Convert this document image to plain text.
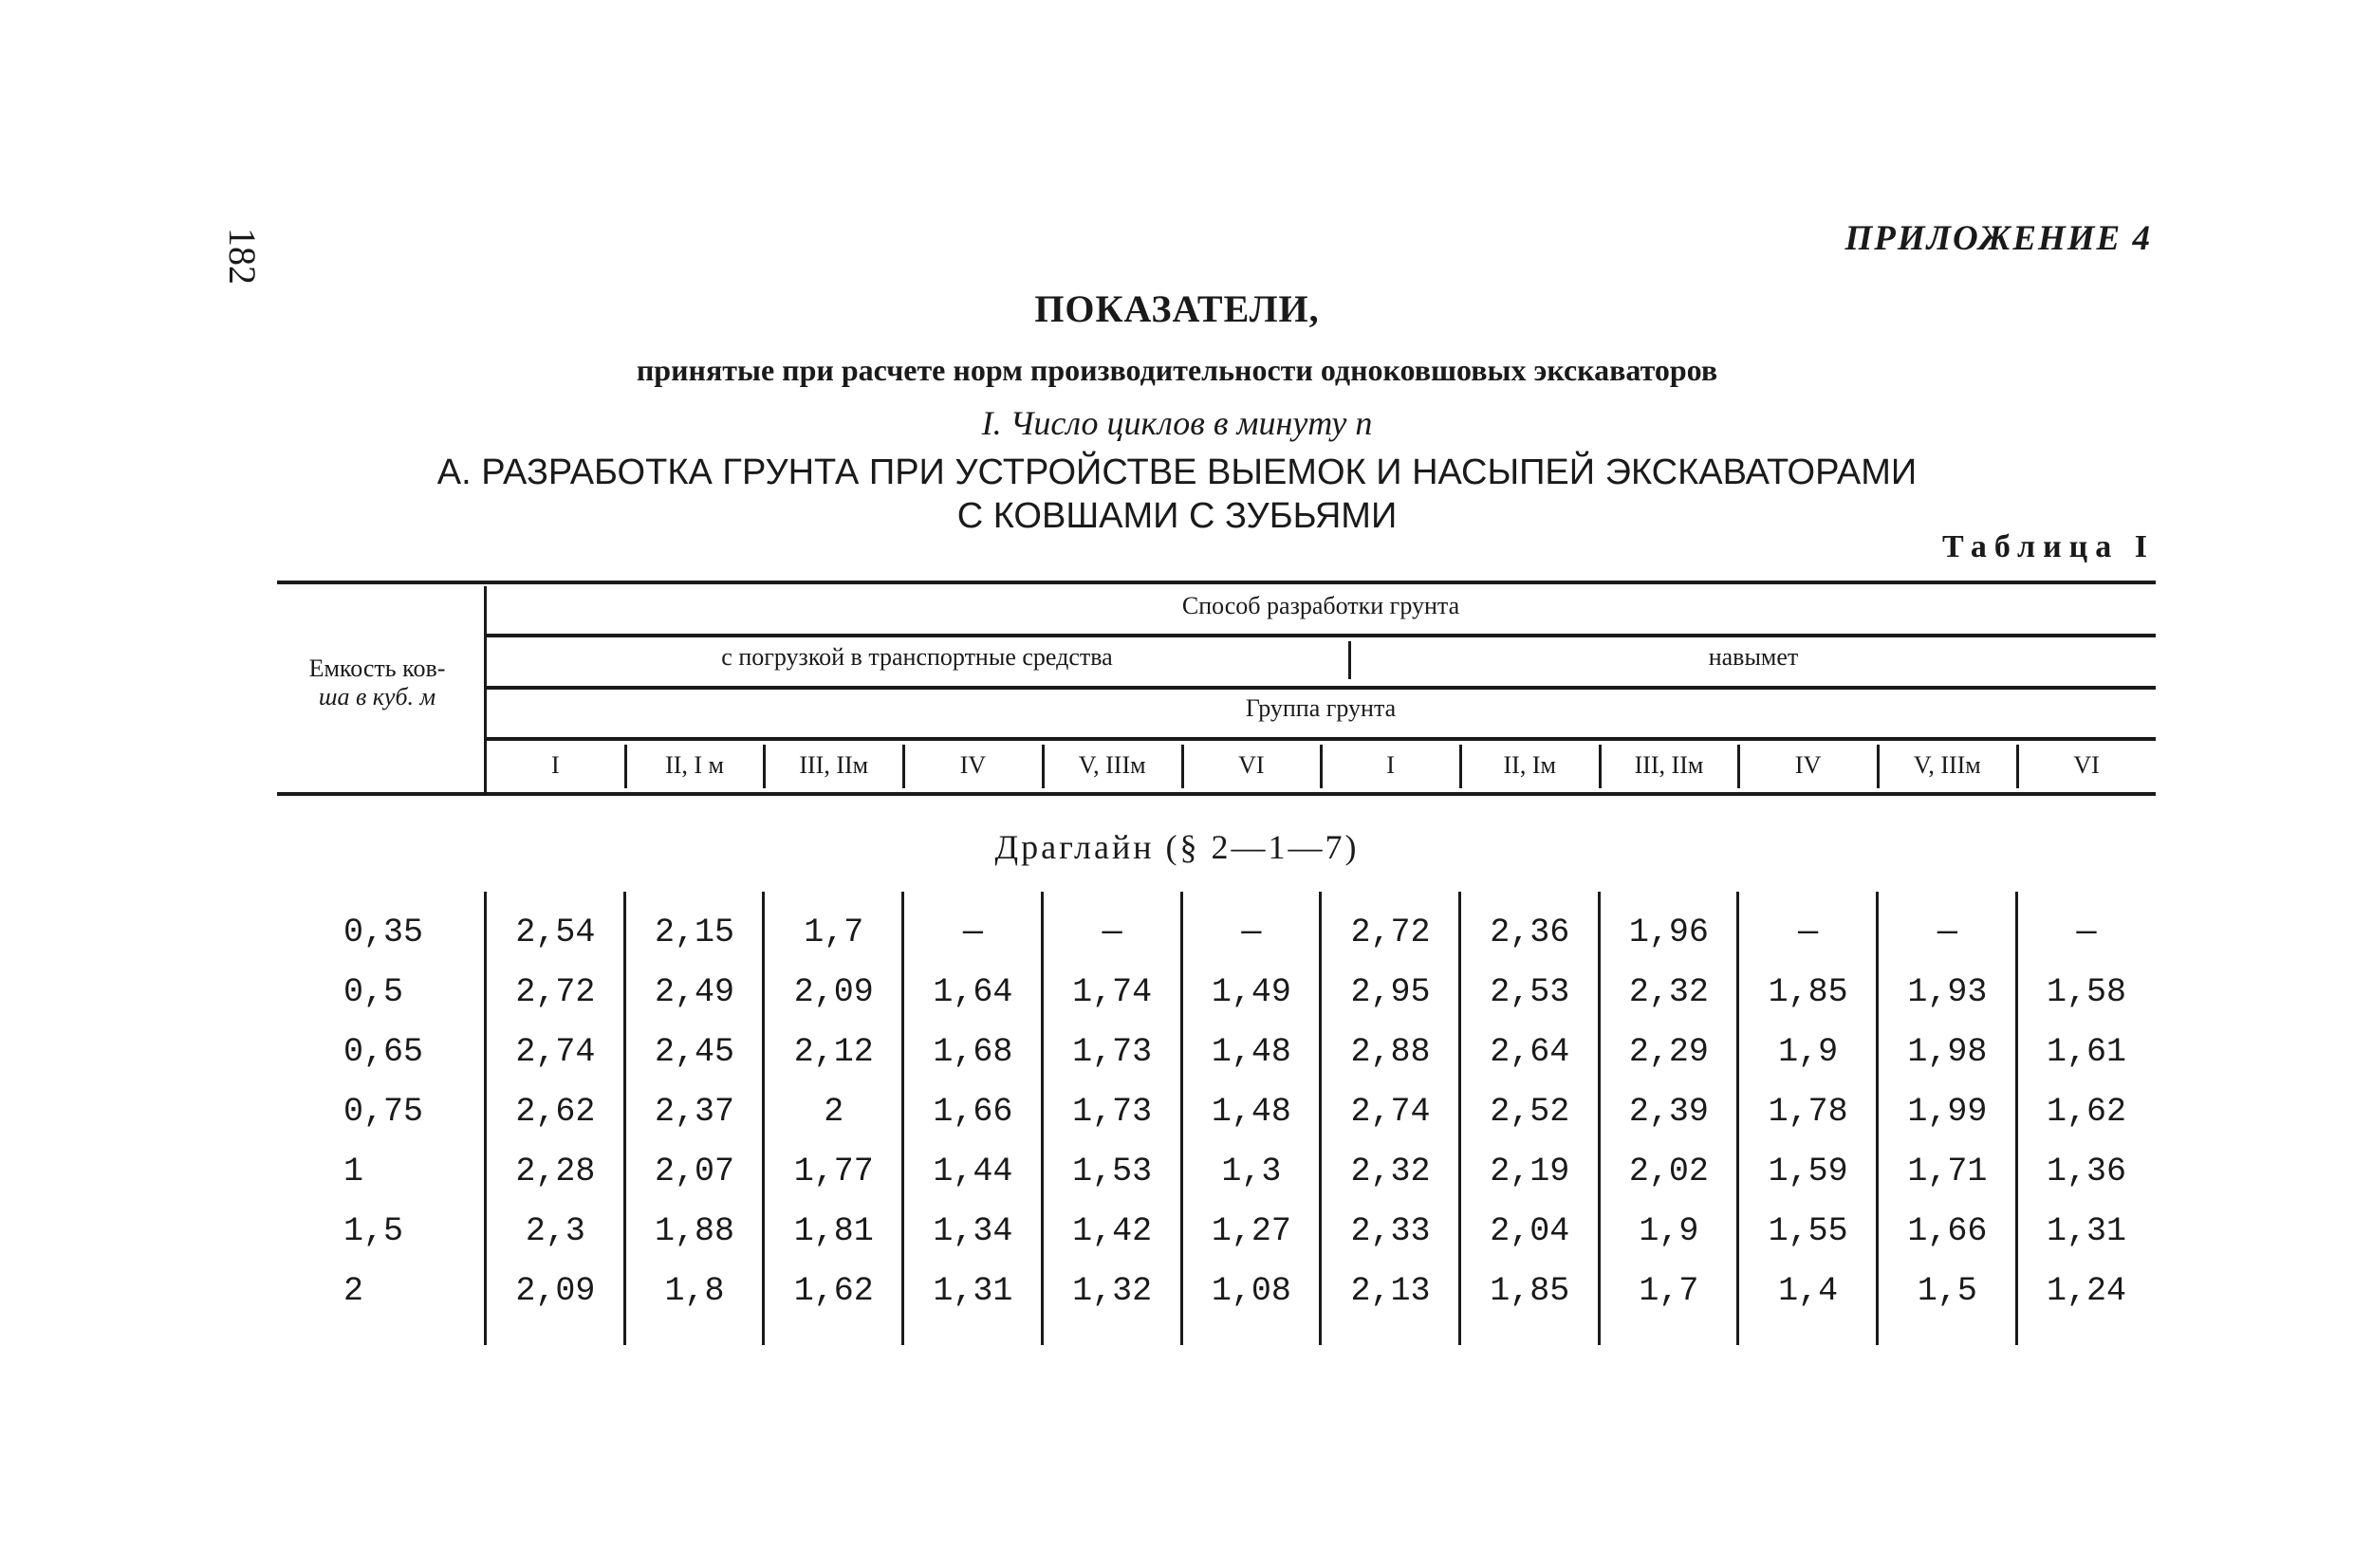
182	ПРИЛОЖЕНИЕ 4
ПОКАЗАТЕЛИ,
принятые при расчете норм производительности одноковшовых экскаваторов
I. Число циклов в минуту n
А. РАЗРАБОТКА ГРУНТА ПРИ УСТРОЙСТВЕ ВЫЕМОК И НАСЫПЕЙ ЭКСКАВАТОРАМИ
С КОВШАМИ С ЗУБЬЯМИ
Таблица I
Емкость ков-
ша в куб. м
Способ разработки грунта
с погрузкой в транспортные средства	навымет
Группа грунта
I	II, I м	III, IIм	IV	V, IIIм	VI	I	II, Iм	III, IIм	IV	V, IIIм	VI
Драглайн (§ 2—1—7)
0,35	2,54	2,15	1,7	—	—	—	2,72	2,36	1,96	—	—	—
0,5	2,72	2,49	2,09	1,64	1,74	1,49	2,95	2,53	2,32	1,85	1,93	1,58
0,65	2,74	2,45	2,12	1,68	1,73	1,48	2,88	2,64	2,29	1,9	1,98	1,61
0,75	2,62	2,37	2	1,66	1,73	1,48	2,74	2,52	2,39	1,78	1,99	1,62
1	2,28	2,07	1,77	1,44	1,53	1,3	2,32	2,19	2,02	1,59	1,71	1,36
1,5	2,3	1,88	1,81	1,34	1,42	1,27	2,33	2,04	1,9	1,55	1,66	1,31
2	2,09	1,8	1,62	1,31	1,32	1,08	2,13	1,85	1,7	1,4	1,5	1,24
